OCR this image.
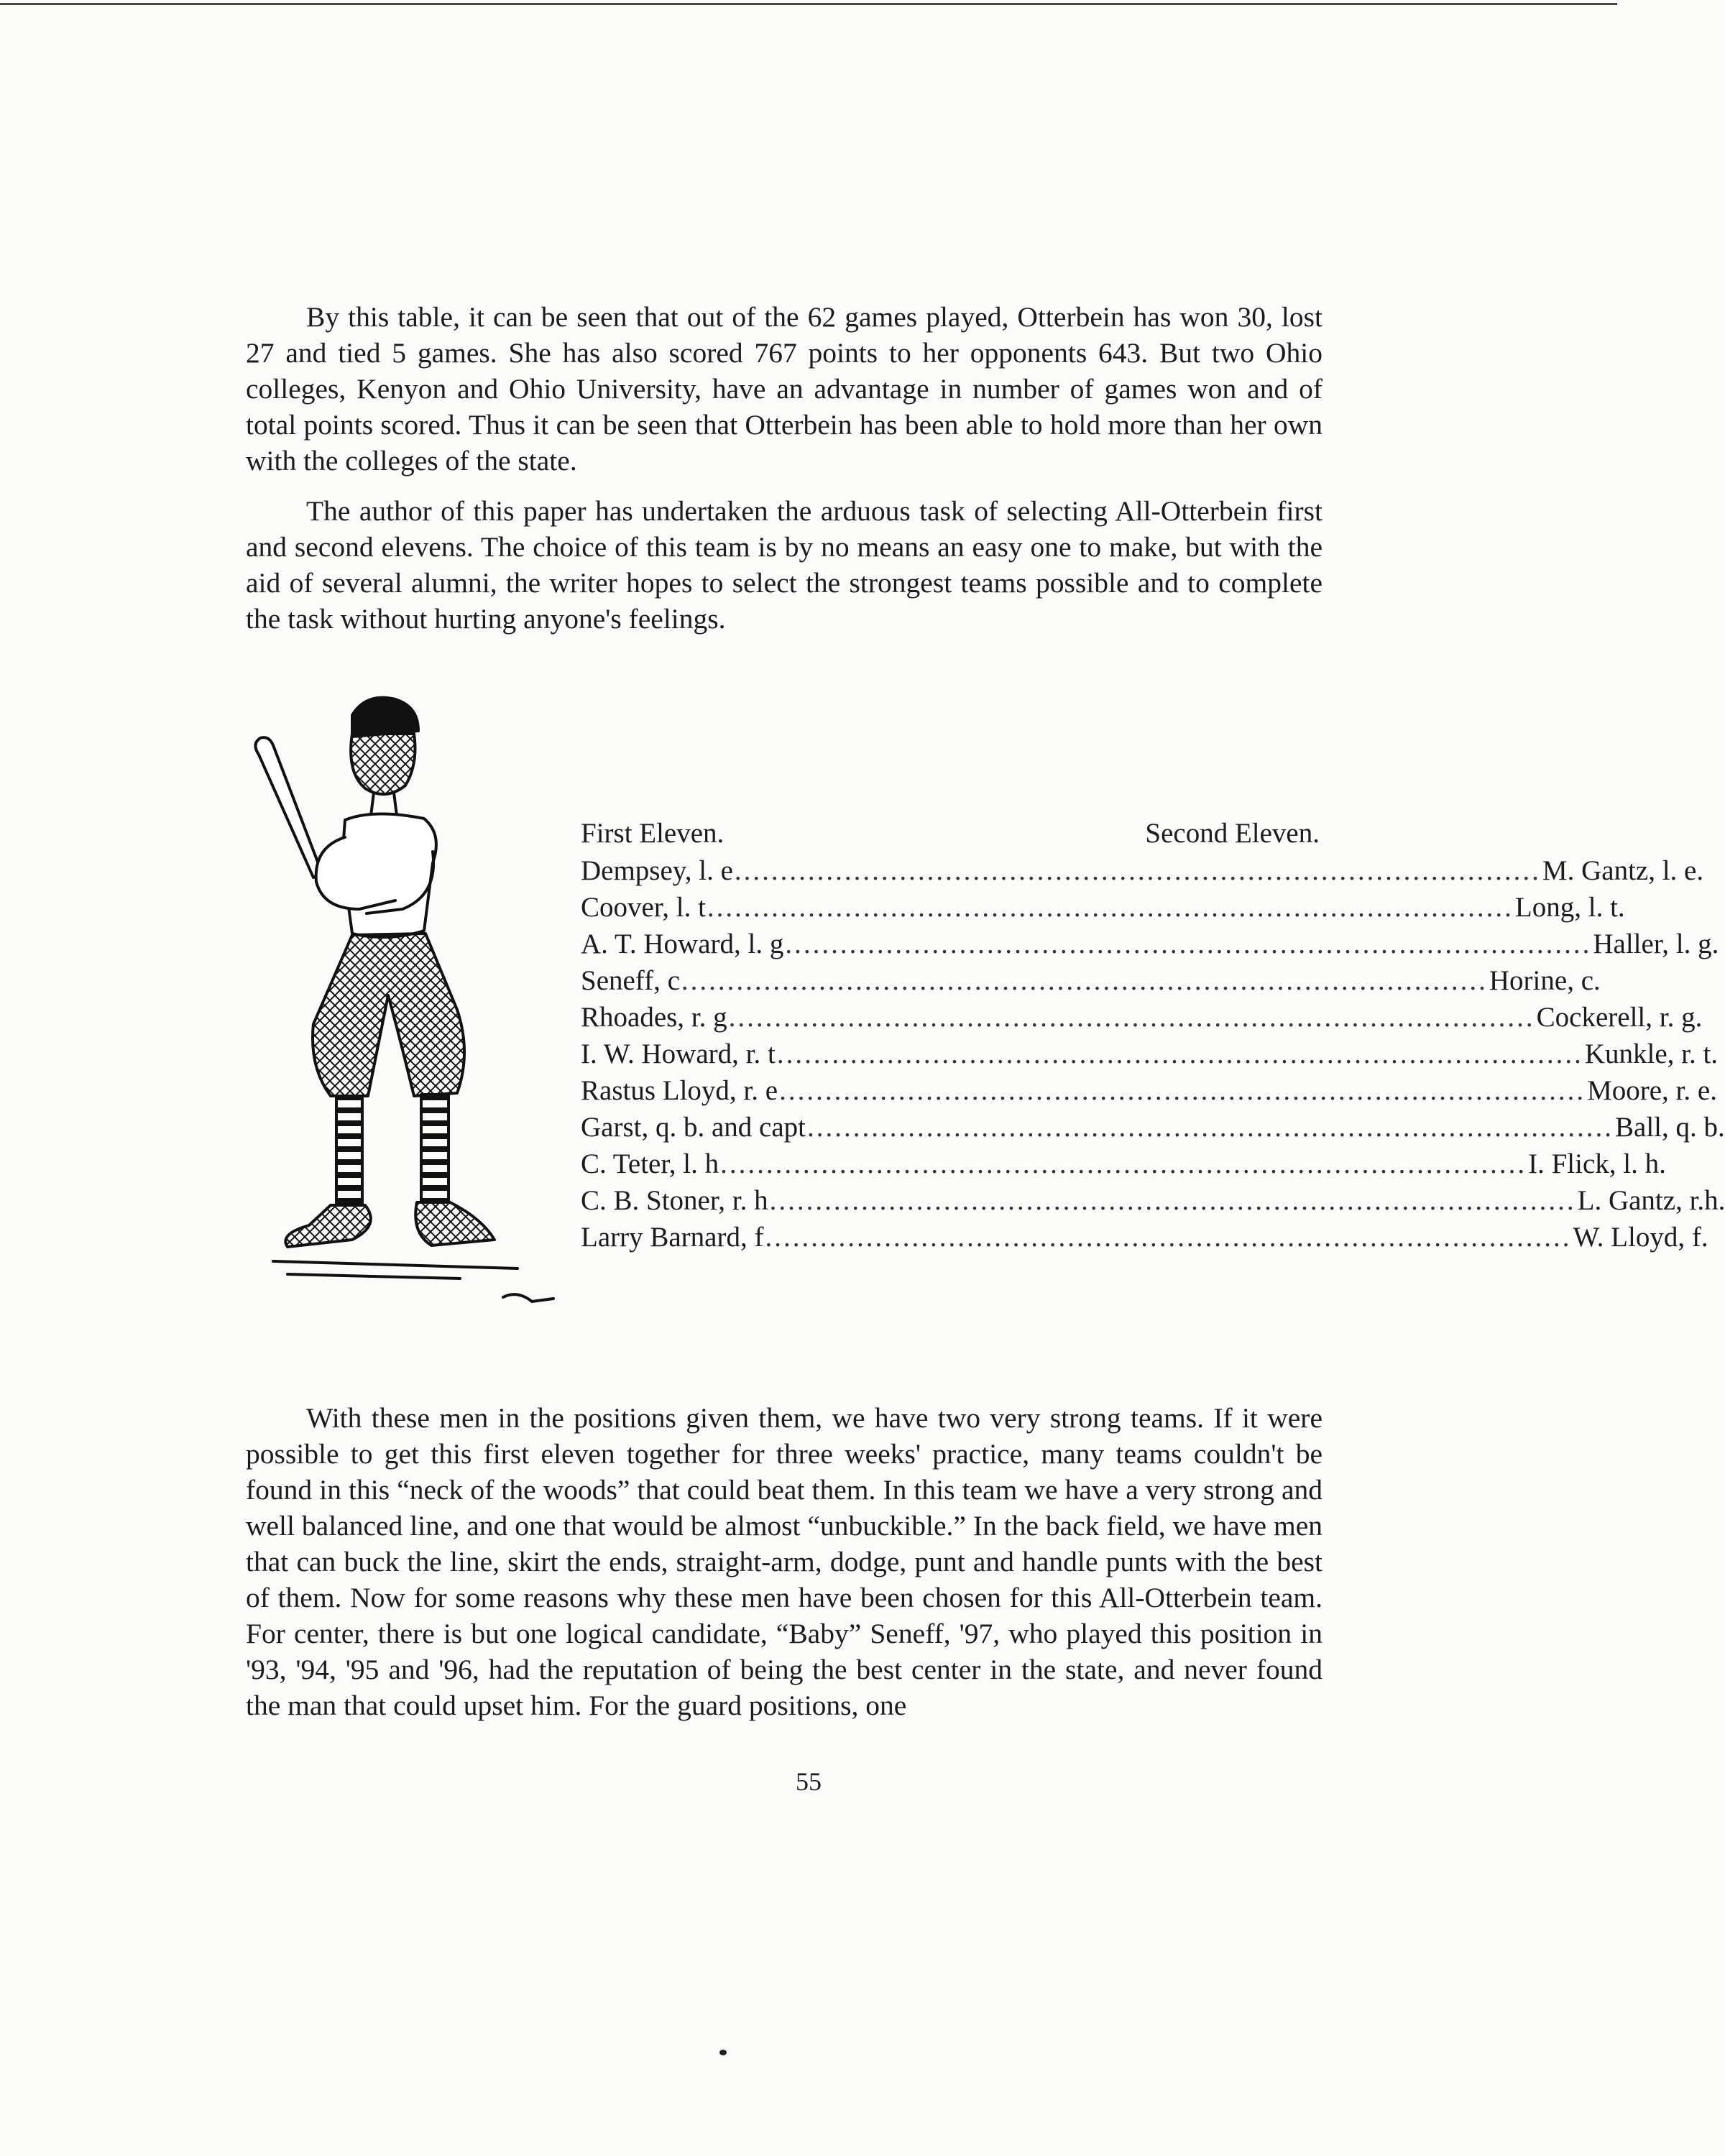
By this table, it can be seen that out of the 62 games played, Otterbein has won 30, lost 27 and tied 5 games. She has also scored 767 points to her opponents 643. But two Ohio colleges, Kenyon and Ohio University, have an advantage in number of games won and of total points scored. Thus it can be seen that Otterbein has been able to hold more than her own with the colleges of the state.

The author of this paper has undertaken the arduous task of selecting All-Otterbein first and second elevens. The choice of this team is by no means an easy one to make, but with the aid of several alumni, the writer hopes to select the strongest teams possible and to complete the task without hurting anyone's feelings.

First Eleven.	Second Eleven.
Dempsey, l. e ........................................................................................ M. Gantz, l. e.
Coover, l. t ........................................................................................ Long, l. t.
A. T. Howard, l. g ........................................................................................ Haller, l. g.
Seneff, c ........................................................................................ Horine, c.
Rhoades, r. g ........................................................................................ Cockerell, r. g.
I. W. Howard, r. t ........................................................................................ Kunkle, r. t.
Rastus Lloyd, r. e ........................................................................................ Moore, r. e.
Garst, q. b. and capt ........................................................................................ Ball, q. b.
C. Teter, l. h ........................................................................................ I. Flick, l. h.
C. B. Stoner, r. h ........................................................................................ L. Gantz, r.h.
Larry Barnard, f ........................................................................................ W. Lloyd, f.

With these men in the positions given them, we have two very strong teams. If it were possible to get this first eleven together for three weeks' practice, many teams couldn't be found in this “neck of the woods” that could beat them. In this team we have a very strong and well balanced line, and one that would be almost “unbuckible.” In the back field, we have men that can buck the line, skirt the ends, straight-arm, dodge, punt and handle punts with the best of them. Now for some reasons why these men have been chosen for this All-Otterbein team. For center, there is but one logical candidate, “Baby” Seneff, '97, who played this position in '93, '94, '95 and '96, had the reputation of being the best center in the state, and never found the man that could upset him. For the guard positions, one

55
